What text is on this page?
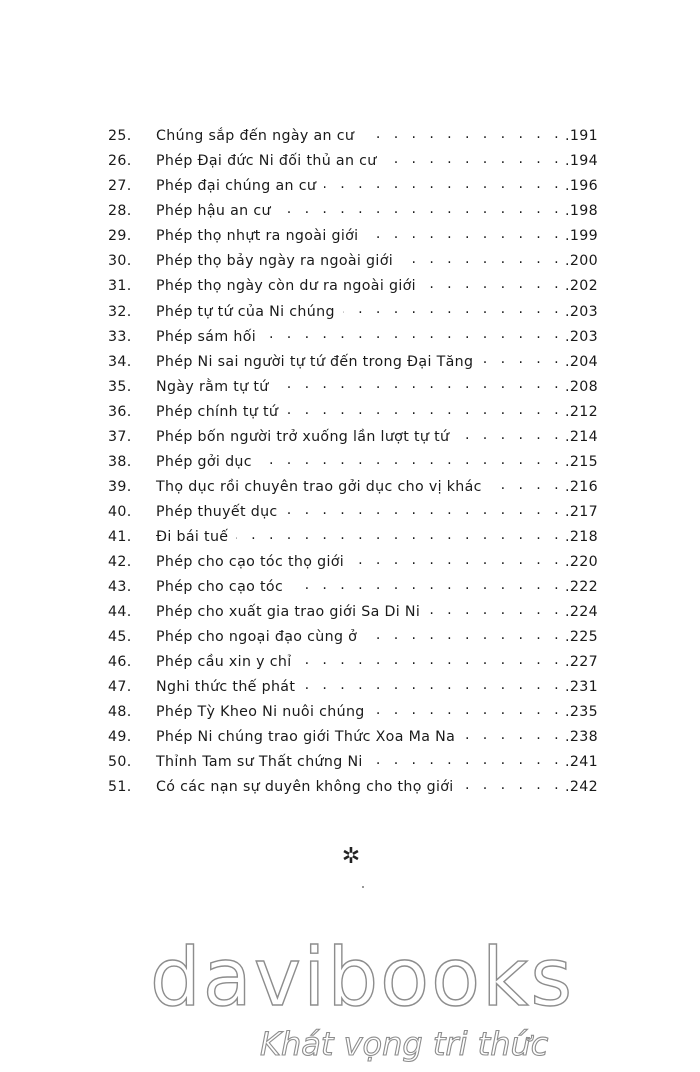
25.	Chúng sắp đến ngày an cư . . .	.191
26.	Phép Đại đức Ni đối thủ an cư . . .	.194
27.	Phép đại chúng an cư . . .	.196
28.	Phép hậu an cư . . .	.198
29.	Phép thọ nhựt ra ngoài giới . . .	.199
30.	Phép thọ bảy ngày ra ngoài giới . . .	.200
31.	Phép thọ ngày còn dư ra ngoài giới . . .	.202
32.	Phép tự tứ của Ni chúng . . .	.203
33.	Phép sám hối . . .	.203
34.	Phép Ni sai người tự tứ đến trong Đại Tăng . . .	.204
35.	Ngày rằm tự tứ . . .	.208
36.	Phép chính tự tứ . . .	.212
37.	Phép bốn người trở xuống lần lượt tự tứ . . .	.214
38.	Phép gởi dục . . .	.215
39.	Thọ dục rồi chuyên trao gởi dục cho vị khác . . .	.216
40.	Phép thuyết dục . . .	.217
41.	Đi bái tuế . . .	.218
42.	Phép cho cạo tóc thọ giới . . .	.220
43.	Phép cho cạo tóc . . .	.222
44.	Phép cho xuất gia trao giới Sa Di Ni . . .	.224
45.	Phép cho ngoại đạo cùng ở . . .	.225
46.	Phép cầu xin y chỉ . . .	.227
47.	Nghi thức thế phát . . .	.231
48.	Phép Tỳ Kheo Ni nuôi chúng . . .	.235
49.	Phép Ni chúng trao giới Thức Xoa Ma Na . . .	.238
50.	Thỉnh Tam sư Thất chứng Ni . . .	.241
51.	Có các nạn sự duyên không cho thọ giới . . .	.242
✲
davibooks
Khát vọng tri thức
